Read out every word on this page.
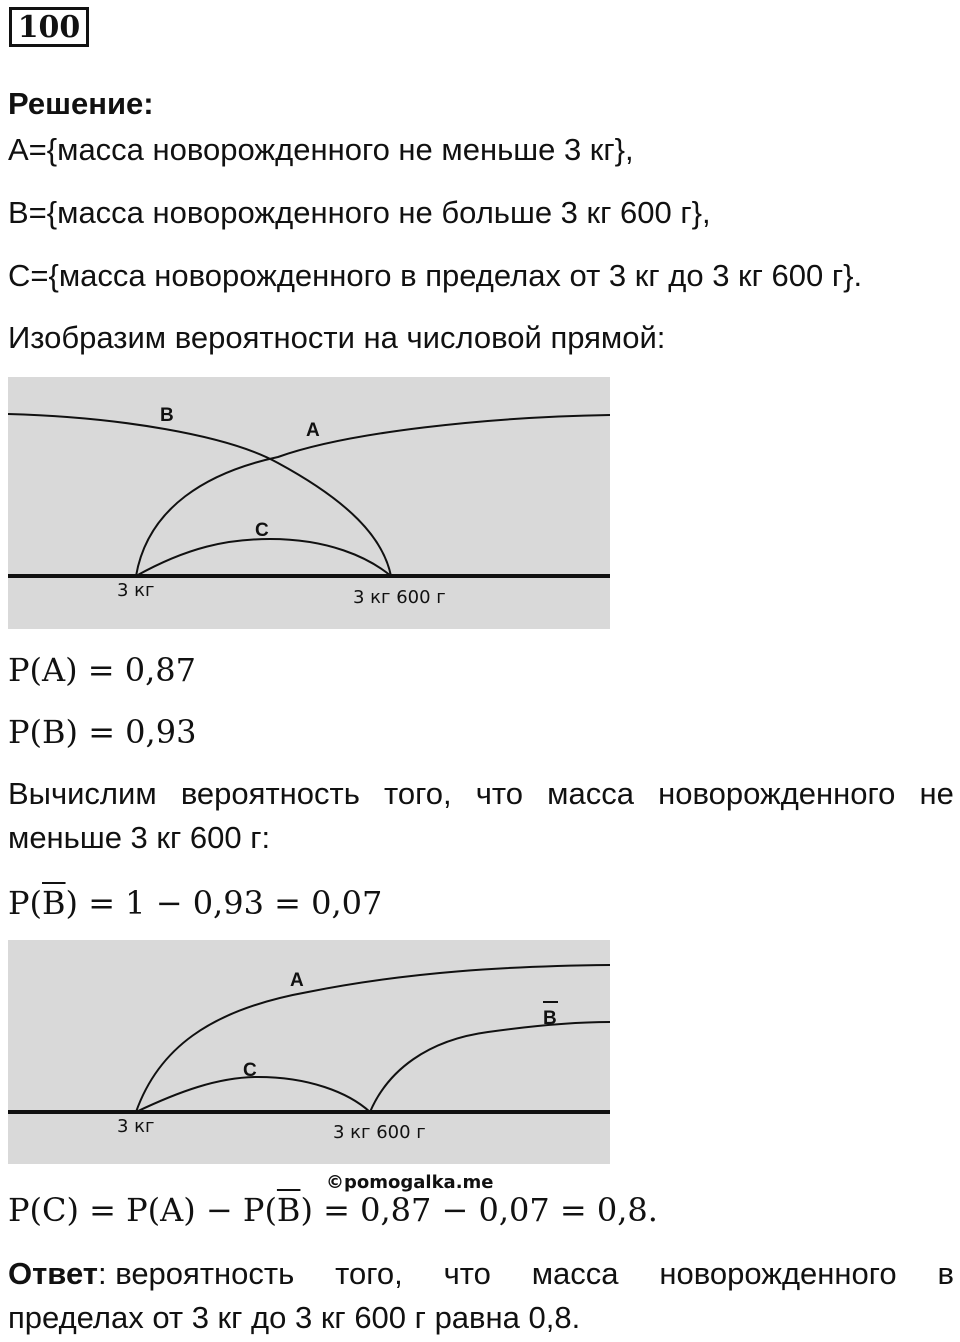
100
Решение:
A={масса новорожденного не меньше 3 кг},
B={масса новорожденного не больше 3 кг 600 г},
C={масса новорожденного в пределах от 3 кг до 3 кг 600 г}.
Изобразим вероятности на числовой прямой:
B
A
C
3 кг	3 кг 600 г
P(A) = 0,87
P(B) = 0,93
Вычислим вероятность того, что масса новорожденного не
меньше 3 кг 600 г:
$P(\overline{B}) = 1 - 0,93 = 0,07$
A
B
C
3 кг	3 кг 600 г
©pomogalka.me
$P(C) = P(A) - P(\overline{B}) = 0,87 - 0,07 = 0,8$.
Ответ: вероятность того, что масса новорожденного в
пределах от 3 кг до 3 кг 600 г равна 0,8.
